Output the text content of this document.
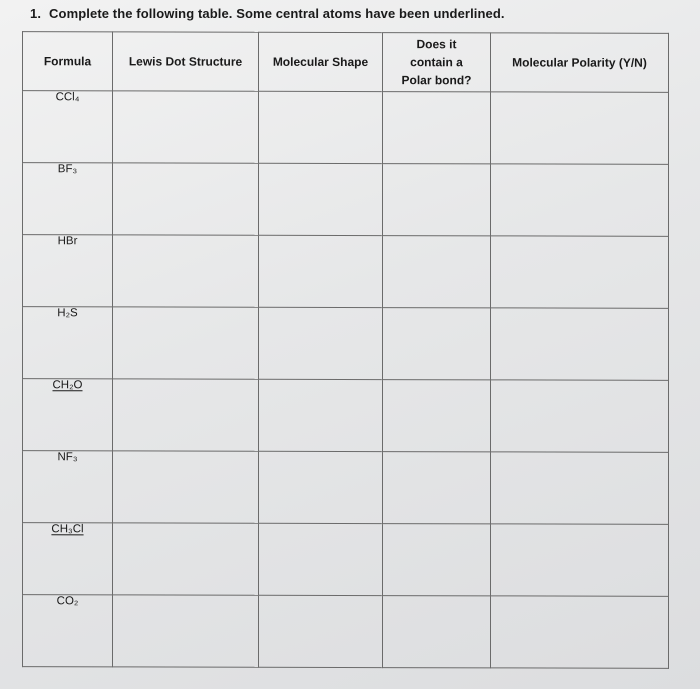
1. Complete the following table. Some central atoms have been underlined.
Formula	Lewis Dot Structure	Molecular Shape	Does it
contain a
Polar bond?	Molecular Polarity (Y/N)
CCl₄				
BF₃				
HBr				
H₂S				
CH₂O				
NF₃				
CH₃Cl				
CO₂				
